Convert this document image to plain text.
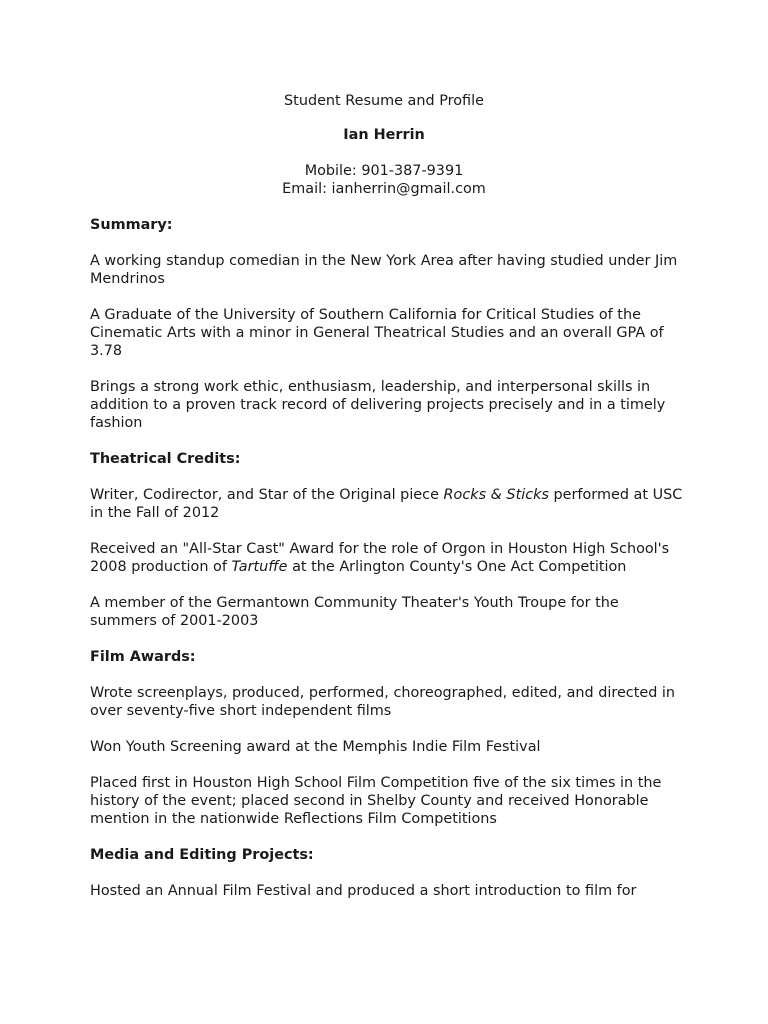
Student Resume and Profile
Ian Herrin
Mobile: 901-387-9391
Email: ianherrin@gmail.com
Summary:

A working standup comedian in the New York Area after having studied under Jim Mendrinos

A Graduate of the University of Southern California for Critical Studies of the Cinematic Arts with a minor in General Theatrical Studies and an overall GPA of 3.78

Brings a strong work ethic, enthusiasm, leadership, and interpersonal skills in addition to a proven track record of delivering projects precisely and in a timely fashion

Theatrical Credits:

Writer, Codirector, and Star of the Original piece Rocks & Sticks performed at USC in the Fall of 2012

Received an "All-Star Cast" Award for the role of Orgon in Houston High School's 2008 production of Tartuffe at the Arlington County's One Act Competition

A member of the Germantown Community Theater's Youth Troupe for the summers of 2001-2003

Film Awards:

Wrote screenplays, produced, performed, choreographed, edited, and directed in over seventy-five short independent films

Won Youth Screening award at the Memphis Indie Film Festival

Placed first in Houston High School Film Competition five of the six times in the history of the event; placed second in Shelby County and received Honorable mention in the nationwide Reflections Film Competitions

Media and Editing Projects:

Hosted an Annual Film Festival and produced a short introduction to film for
